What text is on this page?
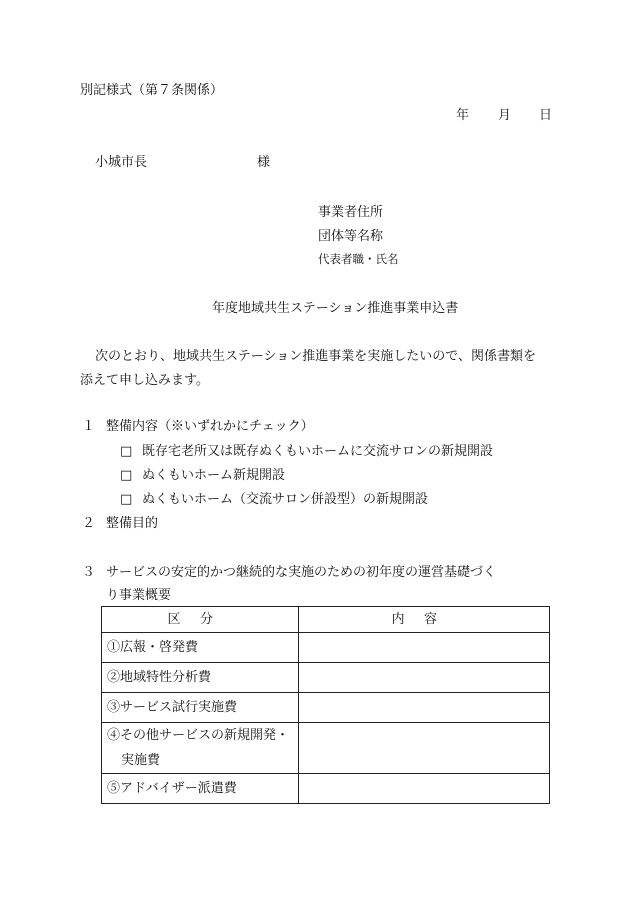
別記様式（第７条関係）
年 月 日
小城市長	様
事業者住所
団体等名称
代表者職・氏名
年度地域共生ステーション推進事業申込書
次のとおり、地域共生ステーション推進事業を実施したいので、関係書類を
添えて申し込みます。
１ 整備内容（※いずれかにチェック）
□ 既存宅老所又は既存ぬくもいホームに交流サロンの新規開設
□ ぬくもいホーム新規開設
□ ぬくもいホーム（交流サロン併設型）の新規開設
２ 整備目的
３ サービスの安定的かつ継続的な実施のための初年度の運営基礎づく
り事業概要
区分	内容
①広報・啓発費	
②地域特性分析費	
③サービス試行実施費	

④その他サービスの新規開発・
実施費	

⑤アドバイザー派遣費	
